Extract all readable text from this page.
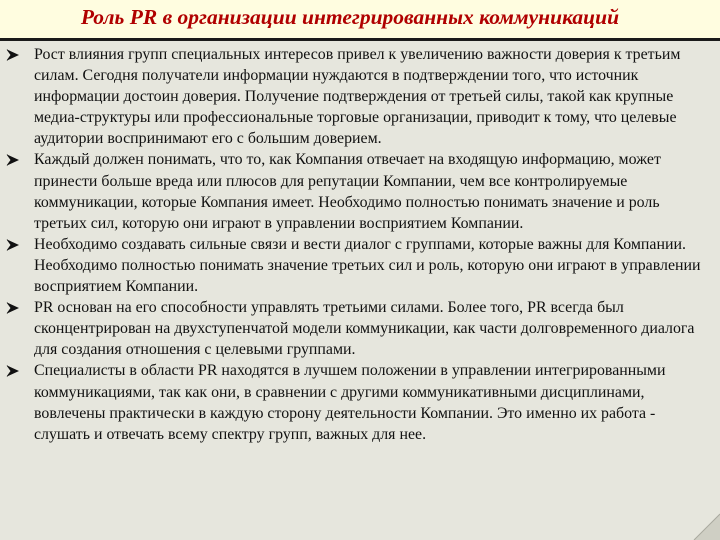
Роль PR в организации интегрированных коммуникаций
Рост влияния групп специальных интересов привел к увеличению важности доверия к третьим силам. Сегодня получатели информации нуждаются в подтверждении того, что источник информации достоин доверия. Получение подтверждения от третьей силы, такой как крупные медиа-структуры или профессиональные торговые организации, приводит к тому, что целевые аудитории воспринимают его с большим доверием.
Каждый должен понимать, что то, как Компания отвечает на входящую информацию, может принести больше вреда или плюсов для репутации Компании, чем все контролируемые коммуникации, которые Компания имеет. Необходимо полностью понимать значение и роль третьих сил, которую они играют в управлении восприятием Компании.
Необходимо создавать сильные связи и вести диалог с группами, которые важны для Компании. Необходимо полностью понимать значение третьих сил и роль, которую они играют в управлении восприятием Компании.
PR основан на его способности управлять третьими силами. Более того, PR всегда был сконцентрирован на двухступенчатой модели коммуникации, как части долговременного диалога для создания отношения с целевыми группами.
Специалисты в области PR находятся в лучшем положении в управлении интегрированными коммуникациями, так как они, в сравнении с другими коммуникативными дисциплинами, вовлечены практически в каждую сторону деятельности Компании. Это именно их работа - слушать и отвечать всему спектру групп, важных для нее.
